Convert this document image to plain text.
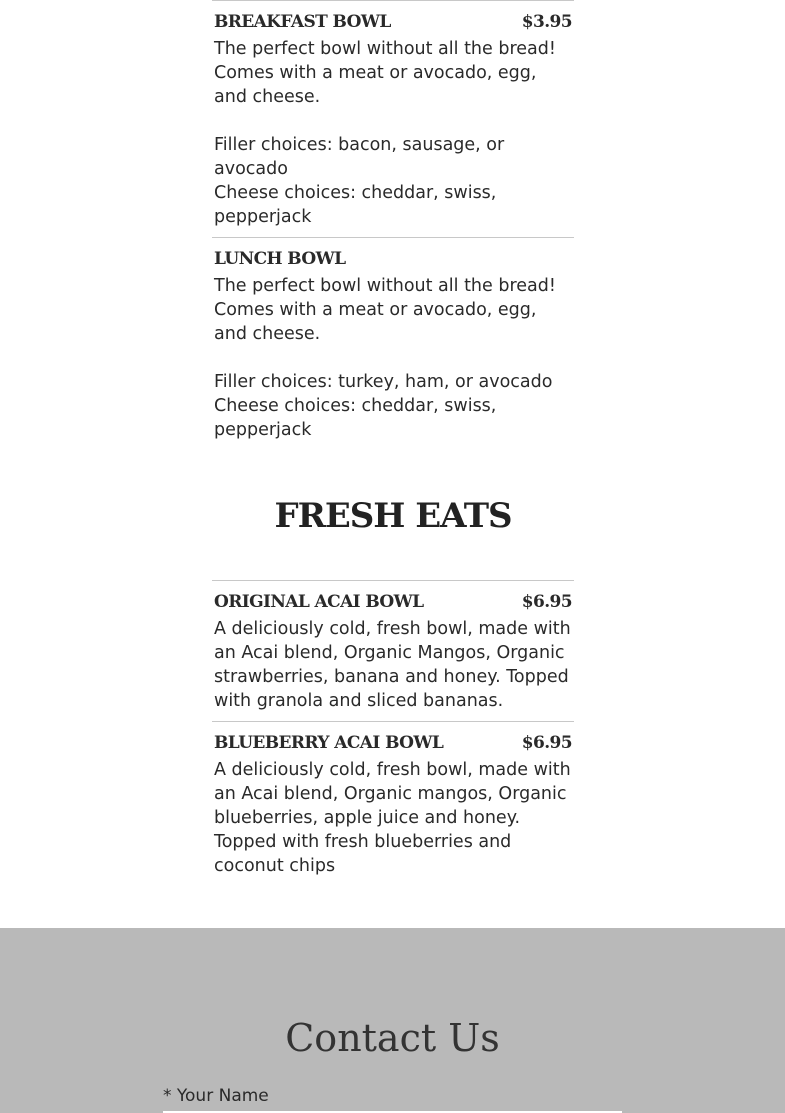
BREAKFAST BOWL	$3.95
The perfect bowl without all the bread! Comes with a meat or avocado, egg, and cheese.

Filler choices: bacon, sausage, or avocado
Cheese choices: cheddar, swiss, pepperjack
LUNCH BOWL
The perfect bowl without all the bread! Comes with a meat or avocado, egg, and cheese.

Filler choices: turkey, ham, or avocado
Cheese choices: cheddar, swiss, pepperjack
FRESH EATS
ORIGINAL ACAI BOWL	$6.95
A deliciously cold, fresh bowl, made with an Acai blend, Organic Mangos, Organic strawberries, banana and honey. Topped with granola and sliced bananas.
BLUEBERRY ACAI BOWL	$6.95
A deliciously cold, fresh bowl, made with an Acai blend, Organic mangos, Organic blueberries, apple juice and honey. Topped with fresh blueberries and coconut chips
Contact Us
* Your Name
